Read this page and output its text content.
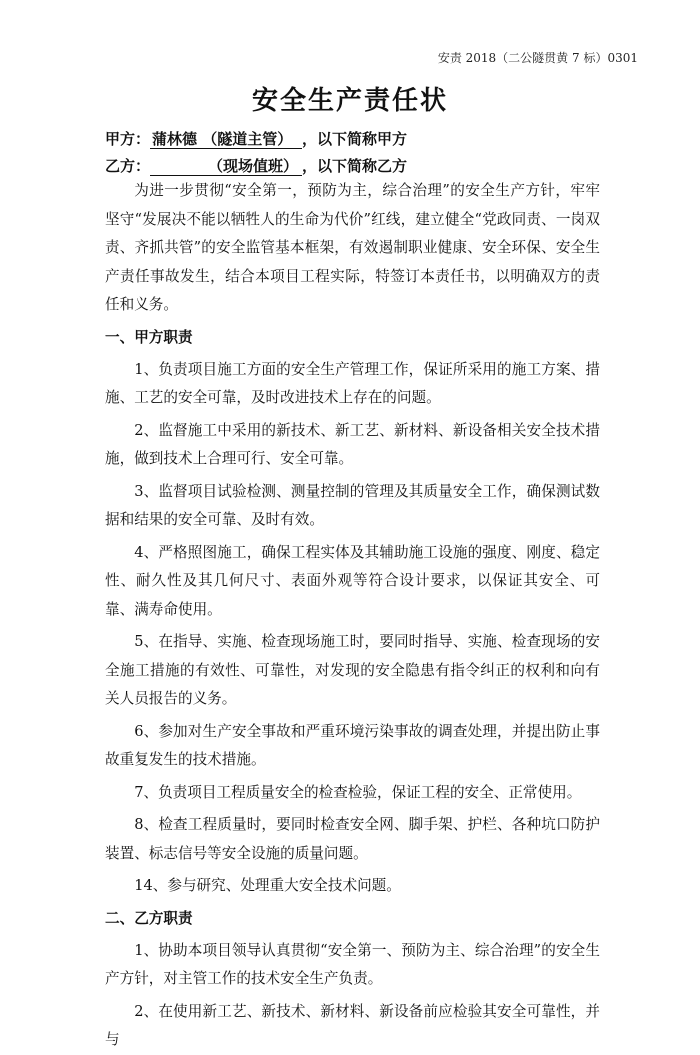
安责 2018（二公隧贯黄 7 标）0301
安全生产责任状
甲方： 蒲林德 （隧道主管） ，以下简称甲方
乙方：	（现场值班） ，以下简称乙方

为进一步贯彻“安全第一，预防为主，综合治理”的安全生产方针，牢牢坚守“发展决不能以牺牲人的生命为代价”红线，建立健全“党政同责、一岗双责、齐抓共管”的安全监管基本框架，有效遏制职业健康、安全环保、安全生产责任事故发生，结合本项目工程实际，特签订本责任书，以明确双方的责任和义务。

一、甲方职责

1、负责项目施工方面的安全生产管理工作，保证所采用的施工方案、措施、工艺的安全可靠，及时改进技术上存在的问题。

2、监督施工中采用的新技术、新工艺、新材料、新设备相关安全技术措施，做到技术上合理可行、安全可靠。

3、监督项目试验检测、测量控制的管理及其质量安全工作，确保测试数据和结果的安全可靠、及时有效。

4、严格照图施工，确保工程实体及其辅助施工设施的强度、刚度、稳定性、耐久性及其几何尺寸、表面外观等符合设计要求，以保证其安全、可靠、满寿命使用。

5、在指导、实施、检查现场施工时，要同时指导、实施、检查现场的安全施工措施的有效性、可靠性，对发现的安全隐患有指令纠正的权利和向有关人员报告的义务。

6、参加对生产安全事故和严重环境污染事故的调查处理，并提出防止事故重复发生的技术措施。

7、负责项目工程质量安全的检查检验，保证工程的安全、正常使用。

8、检查工程质量时，要同时检查安全网、脚手架、护栏、各种坑口防护装置、标志信号等安全设施的质量问题。

14、参与研究、处理重大安全技术问题。

二、乙方职责

1、协助本项目领导认真贯彻“安全第一、预防为主、综合治理”的安全生产方针，对主管工作的技术安全生产负责。

2、在使用新工艺、新技术、新材料、新设备前应检验其安全可靠性，并与
